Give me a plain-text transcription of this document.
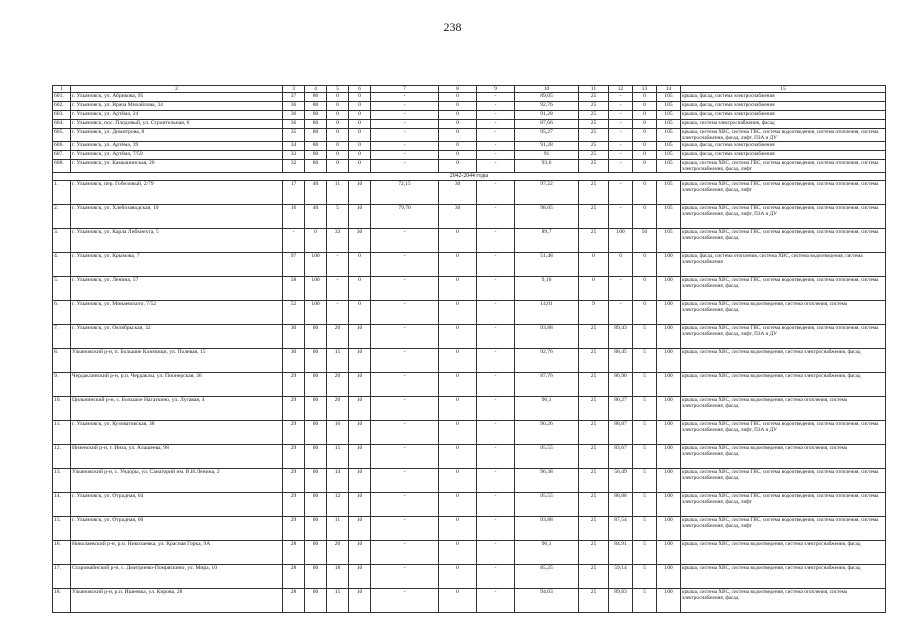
238
1	2	3	4	5	6	7	8	9	10	11	12	13	14	15
601.	г. Ульяновск, ул. Абрикова, 95	37	80	0	0	-	0	-	89,05	25	-	0	105	крыша, фасад, система электроснабжения
602.	г. Ульяновск, ул. Врача Михайлова, 34	36	80	0	0	-	0	-	92,76	25	-	0	105	крыша, фасад, система электроснабжения
603.	г. Ульяновск, ул. Артёма, 24	36	80	0	0	-	0	-	91,28	25	-	0	105	крыша, фасад, система электроснабжения
604.	г. Ульяновск, пос. Плодовый, ул. Строительная, 6	36	80	0	0	-	0	-	87,66	25	-	0	105	крыша, система электроснабжения, фасад
605.	г. Ульяновск, ул. Димитрова, 8	35	80	0	0	-	0	-	95,27	25	-	0	105	крыша, система ХВС, система ГВС, система водоотведения, система отопления, система электроснабжения, фасад, лифт, ПЗА и ДУ
606.	г. Ульяновск, ул. Артёма, 39	34	80	0	0	-	0	-	91,28	25	-	0	105	крыша, фасад, система электроснабжения
607.	г. Ульяновск, ул. Артёма, 7/59	32	80	0	0	-	0	-	91	25	-	0	105	крыша, фасад, система электроснабжения
608.	г. Ульяновск, ул. Камышинская, 20	32	80	0	0	-	0	-	93,6	25	-	0	105	крыша, система ХВС, система ГВС, система водоотведения, система отопления, система электроснабжения, фасад, лифт
2042-2044 годы														
1.	г. Ульяновск, пер. Гобеловый, 2/79	17	40	11	10	72,15	30	-	97,22	25	-	0	105	крыша, система ХВС, система ГВС, система водоотведения, система отопления, система электроснабжения, фасад, лифт
2.	г. Ульяновск, ул. Хлебозаводская, 10	16	40	5	10	79,76	30	-	98,05	25	-	0	105	крыша, система ХВС, система ГВС, система водоотведения, система отопления, система электроснабжения, фасад, лифт, ПЗА и ДУ
3.	г. Ульяновск, ул. Карла Либкнехта, 5	-	0	33	30	-	0	-	89,7	25	100	50	105	крыша, система ХВС, система ГВС, система водоотведения, система отопления, система электроснабжения, фасад
4.	г. Ульяновск, ул. Крымова, 7	97	100	-	0	-	0	-	51,48	0	0	0	100	крыша, фасад, система отопления, система ХВС, система водоотведения, система электроснабжения
5.	г. Ульяновск, ул. Ленина, 57	58	100	-	0	-	0	-	9,16	0	-	0	100	крыша, система ХВС, система ГВС, система водоотведения, система отопления, система электроснабжения, фасад
6.	г. Ульяновск, ул. Минаевского, 7/52	52	100	-	0	-	0	-	14,01	9	-	0	100	крыша, система ХВС, система водоотведения, система отопления, система электроснабжения, фасад
7.	г. Ульяновск, ул. Октябрьская, 32	30	60	20	10	-	0	-	93,88	25	89,43	5	100	крыша, система ХВС, система ГВС, система водоотведения, система отопления, система электроснабжения, фасад, лифт, ПЗА и ДУ
8.	Ульяновский р-н, п. Большие Ключищи, ул. Полевая, 15	30	60	15	10	-	0	-	92,76	25	88,45	5	100	крыша, система ХВС, система водоотведения, система электроснабжения, фасад
9.	Чердаклинский р-н, р.п. Чердаклы, ул. Пионерская, 36	29	60	20	10	-	0	-	87,76	25	86,96	5	100	крыша, система ХВС, система водоотведения, система электроснабжения, фасад
10.	Цильнинский р-н, с. Большое Нагаткино, ул. Лугавая, 4	29	60	20	10	-	0	-	96,1	25	80,27	5	100	крыша, система ХВС, система водоотведения, система отопления, система электроснабжения, фасад
11.	г. Ульяновск, ул. Кузоватовская, 38	29	60	16	10	-	0	-	90,26	25	88,87	5	100	крыша, система ХВС, система ГВС, система водоотведения, система отопления, система электроснабжения, фасад, лифт, ПЗА и ДУ
12.	Инзенский р-н, г. Инза, ул. Алашеева, 98	29	60	15	10	-	0	-	95,55	25	83,67	5	100	крыша, система ХВС, система водоотведения, система отопления, система электроснабжения, фасад
13.	Ульяновский р-н, с. Ундоры, ул. Санаторий им. В.И.Ленина, 2	29	60	14	10	-	0	-	96,38	25	56,49	5	100	крыша, система ХВС, система ГВС, система водоотведения, система отопления, система электроснабжения, фасад
14.	г. Ульяновск, ул. Отрадная, 64	29	60	12	10	-	0	-	95,55	25	88,88	5	100	крыша, система ХВС, система ГВС, система водоотведения, система отопления, система электроснабжения, фасад, лифт
15.	г. Ульяновск, ул. Отрадная, 66	29	60	11	10	-	0	-	93,88	25	87,54	5	100	крыша, система ХВС, система ГВС, система водоотведения, система отопления, система электроснабжения, фасад, лифт
16.	Николаевский р-н, р.п. Николаевка, ул. Красная Горка, 9А	28	60	20	10	-	0	-	96,1	25	84,91	5	100	крыша, система ХВС, система водоотведения, система электроснабжения, фасад
17.	Старомайнский р-н, с. Дмитриево-Помряскино, ул. Мира, 10	28	60	18	10	-	0	-	85,25	25	59,14	5	100	крыша, система ХВС, система водоотведения, система электроснабжения, фасад
18.	Ульяновский р-н, р.п. Ишеевка, ул. Кирова, 28	28	60	15	10	-	0	-	94,03	25	89,83	5	100	крыша, система ХВС, система водоотведения, система отопления, система электроснабжения, фасад
